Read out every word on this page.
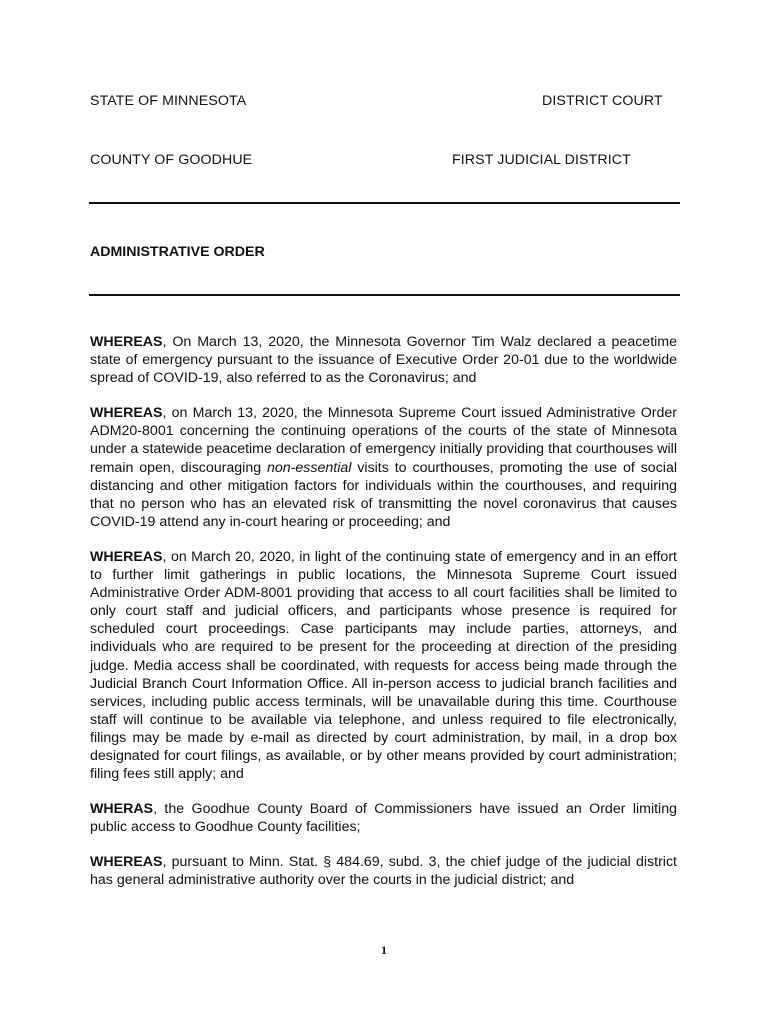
STATE OF MINNESOTA	DISTRICT COURT
COUNTY OF GOODHUE	FIRST JUDICIAL DISTRICT
ADMINISTRATIVE ORDER

WHEREAS, On March 13, 2020, the Minnesota Governor Tim Walz declared a peacetime state of emergency pursuant to the issuance of Executive Order 20-01 due to the worldwide spread of COVID-19, also referred to as the Coronavirus; and

WHEREAS, on March 13, 2020, the Minnesota Supreme Court issued Administrative Order ADM20-8001 concerning the continuing operations of the courts of the state of Minnesota under a statewide peacetime declaration of emergency initially providing that courthouses will remain open, discouraging non-essential visits to courthouses, promoting the use of social distancing and other mitigation factors for individuals within the courthouses, and requiring that no person who has an elevated risk of transmitting the novel coronavirus that causes COVID-19 attend any in-court hearing or proceeding; and

WHEREAS, on March 20, 2020, in light of the continuing state of emergency and in an effort to further limit gatherings in public locations, the Minnesota Supreme Court issued Administrative Order ADM-8001 providing that access to all court facilities shall be limited to only court staff and judicial officers, and participants whose presence is required for scheduled court proceedings. Case participants may include parties, attorneys, and individuals who are required to be present for the proceeding at direction of the presiding judge. Media access shall be coordinated, with requests for access being made through the Judicial Branch Court Information Office. All in-person access to judicial branch facilities and services, including public access terminals, will be unavailable during this time. Courthouse staff will continue to be available via telephone, and unless required to file electronically, filings may be made by e-mail as directed by court administration, by mail, in a drop box designated for court filings, as available, or by other means provided by court administration; filing fees still apply; and

WHERAS, the Goodhue County Board of Commissioners have issued an Order limiting public access to Goodhue County facilities;

WHEREAS, pursuant to Minn. Stat. § 484.69, subd. 3, the chief judge of the judicial district has general administrative authority over the courts in the judicial district; and

1
